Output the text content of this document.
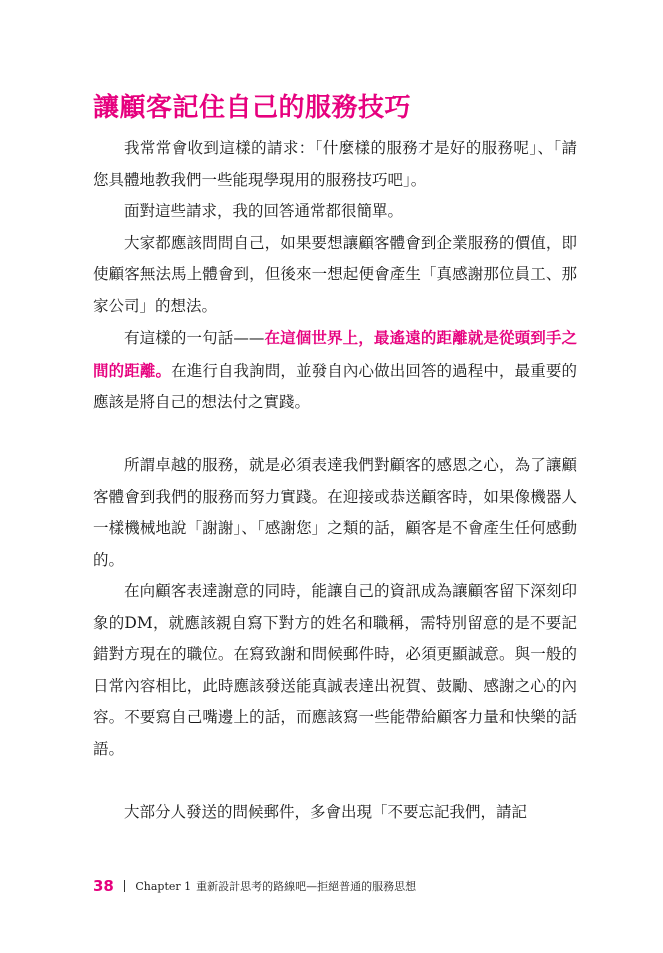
讓顧客記住自己的服務技巧

我常常會收到這樣的請求：「什麼樣的服務才是好的服務呢」、「請您具體地教我們一些能現學現用的服務技巧吧」。

面對這些請求，我的回答通常都很簡單。

大家都應該問問自己，如果要想讓顧客體會到企業服務的價值，即使顧客無法馬上體會到，但後來一想起便會產生「真感謝那位員工、那家公司」的想法。

有這樣的一句話——在這個世界上，最遙遠的距離就是從頭到手之間的距離。在進行自我詢問，並發自內心做出回答的過程中，最重要的應該是將自己的想法付之實踐。

所謂卓越的服務，就是必須表達我們對顧客的感恩之心，為了讓顧客體會到我們的服務而努力實踐。在迎接或恭送顧客時，如果像機器人一樣機械地說「謝謝」、「感謝您」之類的話，顧客是不會產生任何感動的。

在向顧客表達謝意的同時，能讓自己的資訊成為讓顧客留下深刻印象的DM，就應該親自寫下對方的姓名和職稱，需特別留意的是不要記錯對方現在的職位。在寫致謝和問候郵件時，必須更顯誠意。與一般的日常內容相比，此時應該發送能真誠表達出祝賀、鼓勵、感謝之心的內容。不要寫自己嘴邊上的話，而應該寫一些能帶給顧客力量和快樂的話語。

大部分人發送的問候郵件，多會出現「不要忘記我們，請記

38 Chapter 1 重新設計思考的路線吧—拒絕普通的服務思想
